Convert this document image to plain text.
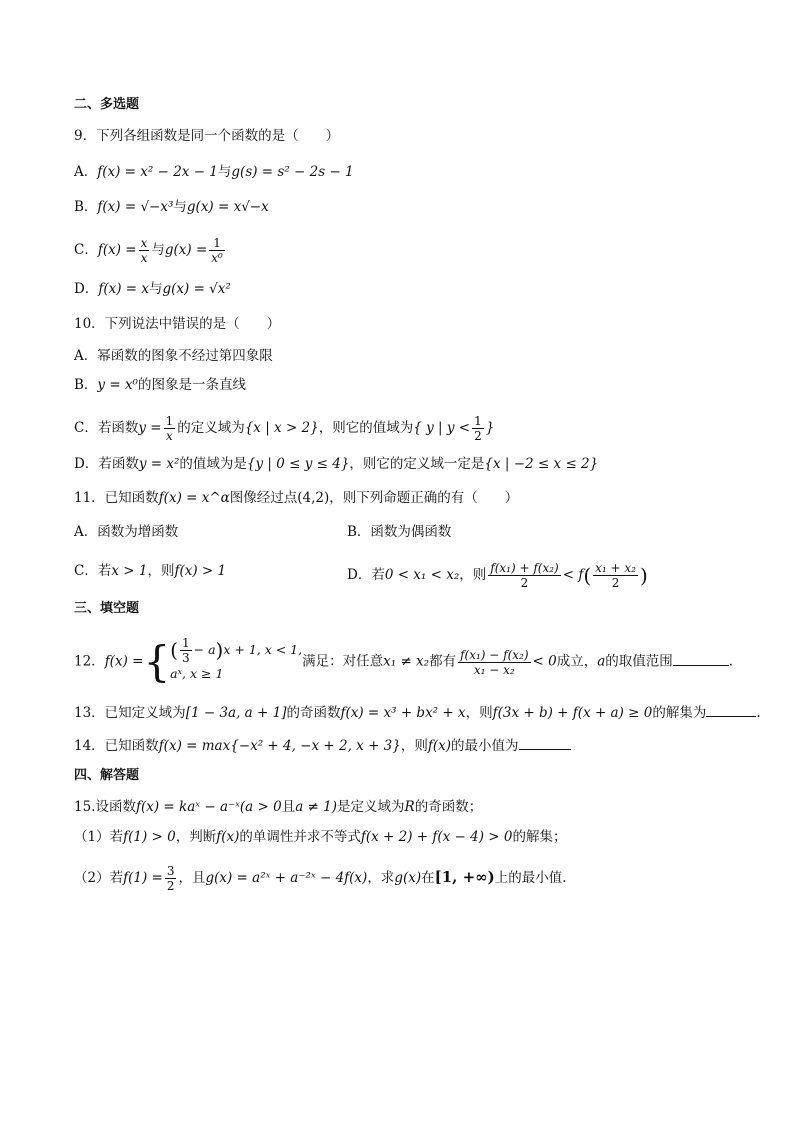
二、多选题
9．下列各组函数是同一个函数的是（　　）
A．f(x) = x² − 2x − 1与g(s) = s² − 2s − 1
B．f(x) = √−x³与g(x) = x√−x
C．$f(x) = \frac{x}{x}$ 与$g(x) = \frac{1}{\text{x⁰}}$
D．f(x) = x与g(x) = √x²
10．下列说法中错误的是（　　）
A．幂函数的图象不经过第四象限
B．y = x⁰的图象是一条直线
C．若函数$y = \frac{1}{x}$ 的定义域为{x | x > 2}，则它的值域为{ y | $y < \frac{1}{2}$ }
D．若函数y = x²的值域为是{y | 0 ≤ y ≤ 4}，则它的定义域一定是{x | −2 ≤ x ≤ 2}
11．已知函数f(x) = x^α图像经过点(4,2)，则下列命题正确的有（　　）
A．函数为增函数	B．函数为偶函数
C．若x > 1，则f(x) > 1	D．若0 < x₁ < x₂，则 $\frac{\text{f(x₁) + f(x₂)}}{2} < f( \frac{\text{x₁ + x₂}}{2}$ )
三、填空题
12．f(x) ={ ( $\frac{1}{3} - a$ ) x + 1, x < 1,
aˣ, x ≥ 1
满足：对任意x₁ ≠ x₂都有 $\frac{\text{f(x₁) − f(x₂)}}{\text{x₁ − x₂}} < 0$成立，a的取值范围	.
13．已知定义域为[1 − 3a, a + 1]的奇函数f(x) = x³ + bx² + x，则f(3x + b) + f(x + a) ≥ 0的解集为	.
14．已知函数f(x) = max{−x² + 4, −x + 2, x + 3}，则f(x)的最小值为
四、解答题
15.设函数f(x) = kaˣ − a⁻ˣ(a > 0且a ≠ 1)是定义域为R的奇函数；
（1）若f(1) > 0，判断f(x)的单调性并求不等式f(x + 2) + f(x − 4) > 0的解集；
（2）若$f(1) = \frac{3}{2}$ ，且g(x) = a²ˣ + a⁻²ˣ − 4f(x)，求g(x)在[1, +∞)上的最小值.
